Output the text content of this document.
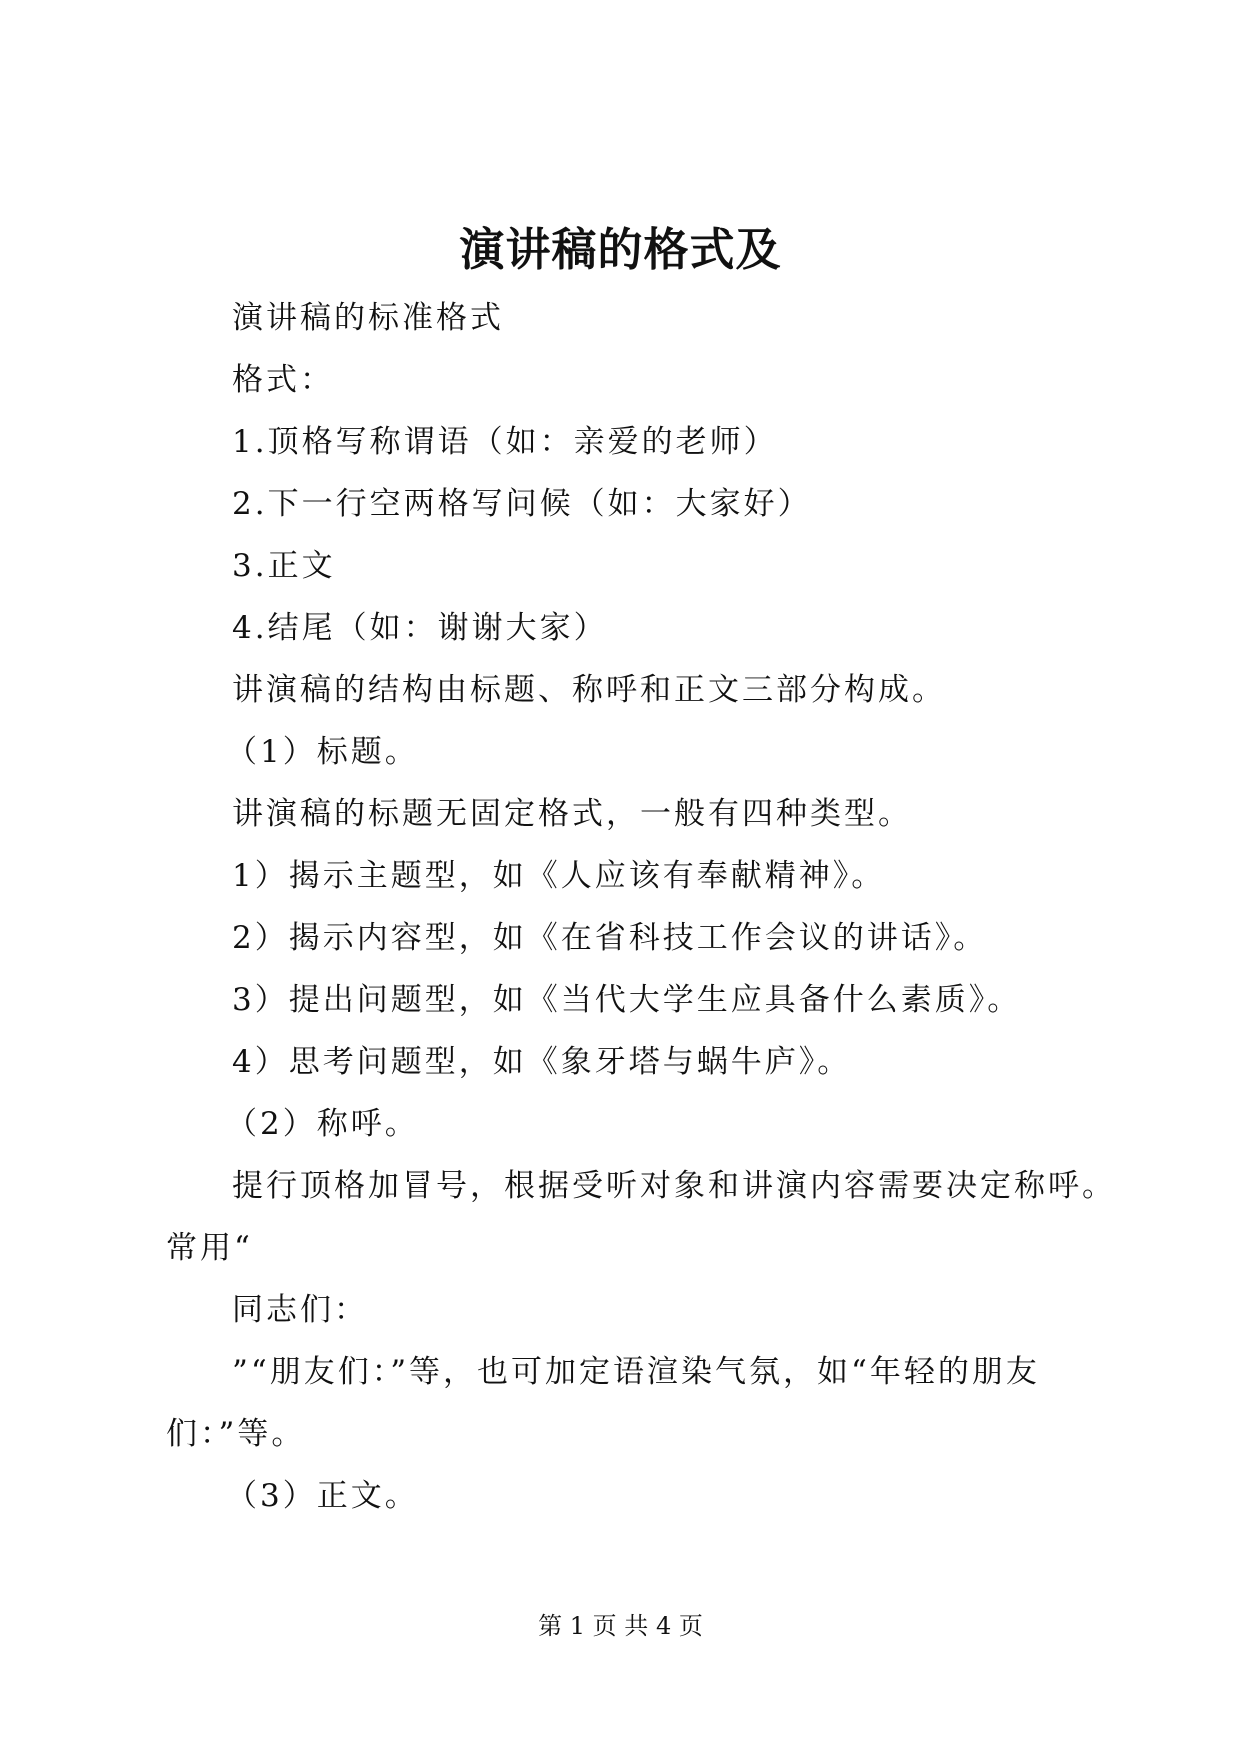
演讲稿的格式及
演讲稿的标准格式
格式：
1.顶格写称谓语（如：亲爱的老师）
2.下一行空两格写问候（如：大家好）
3.正文
4.结尾（如：谢谢大家）
讲演稿的结构由标题、称呼和正文三部分构成。
（1）标题。
讲演稿的标题无固定格式，一般有四种类型。
1）揭示主题型，如《人应该有奉献精神》。
2）揭示内容型，如《在省科技工作会议的讲话》。
3）提出问题型，如《当代大学生应具备什么素质》。
4）思考问题型，如《象牙塔与蜗牛庐》。
（2）称呼。
提行顶格加冒号，根据受听对象和讲演内容需要决定称呼。
常用“
同志们：
”“朋友们：”等，也可加定语渲染气氛，如“年轻的朋友
们：”等。
（3）正文。
第 1 页 共 4 页
